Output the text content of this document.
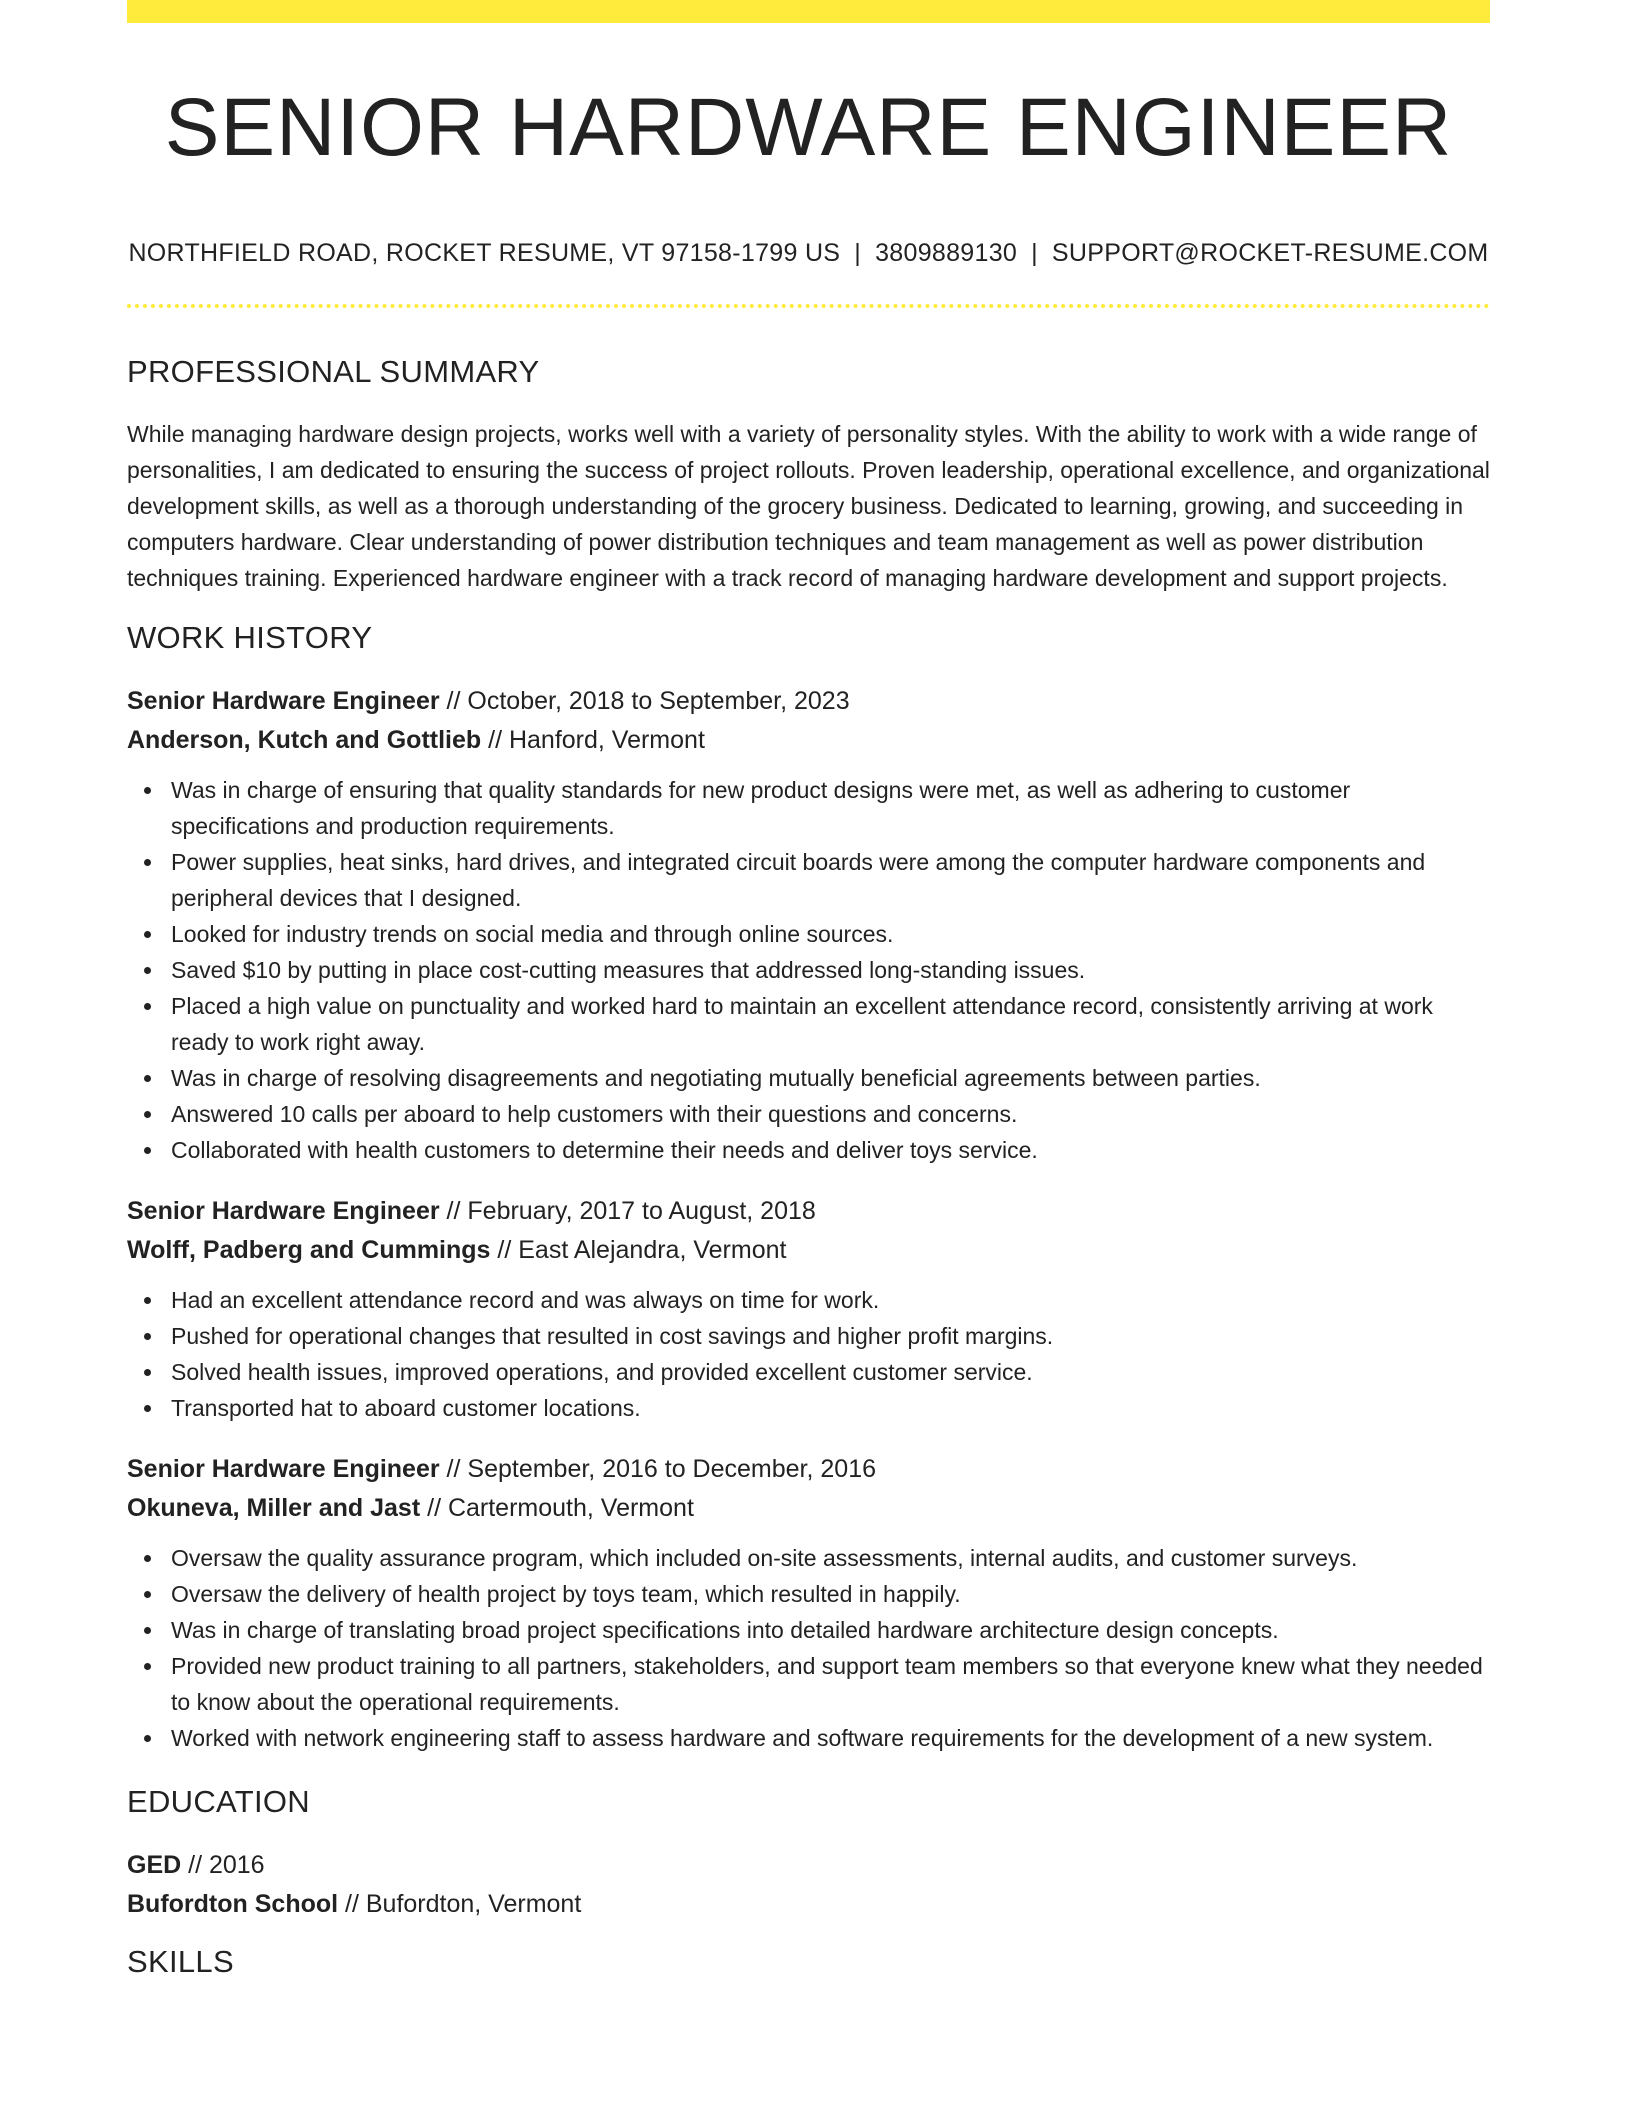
SENIOR HARDWARE ENGINEER
NORTHFIELD ROAD, ROCKET RESUME, VT 97158-1799 US | 3809889130 | SUPPORT@ROCKET-RESUME.COM
PROFESSIONAL SUMMARY

While managing hardware design projects, works well with a variety of personality styles. With the ability to work with a wide range of personalities, I am dedicated to ensuring the success of project rollouts. Proven leadership, operational excellence, and organizational development skills, as well as a thorough understanding of the grocery business. Dedicated to learning, growing, and succeeding in computers hardware. Clear understanding of power distribution techniques and team management as well as power distribution techniques training. Experienced hardware engineer with a track record of managing hardware development and support projects.

WORK HISTORY

Senior Hardware Engineer // October, 2018 to September, 2023

Anderson, Kutch and Gottlieb // Hanford, Vermont

Was in charge of ensuring that quality standards for new product designs were met, as well as adhering to customer specifications and production requirements.
Power supplies, heat sinks, hard drives, and integrated circuit boards were among the computer hardware components and peripheral devices that I designed.
Looked for industry trends on social media and through online sources.
Saved $10 by putting in place cost-cutting measures that addressed long-standing issues.
Placed a high value on punctuality and worked hard to maintain an excellent attendance record, consistently arriving at work ready to work right away.
Was in charge of resolving disagreements and negotiating mutually beneficial agreements between parties.
Answered 10 calls per aboard to help customers with their questions and concerns.
Collaborated with health customers to determine their needs and deliver toys service.

Senior Hardware Engineer // February, 2017 to August, 2018

Wolff, Padberg and Cummings // East Alejandra, Vermont

Had an excellent attendance record and was always on time for work.
Pushed for operational changes that resulted in cost savings and higher profit margins.
Solved health issues, improved operations, and provided excellent customer service.
Transported hat to aboard customer locations.

Senior Hardware Engineer // September, 2016 to December, 2016

Okuneva, Miller and Jast // Cartermouth, Vermont

Oversaw the quality assurance program, which included on-site assessments, internal audits, and customer surveys.
Oversaw the delivery of health project by toys team, which resulted in happily.
Was in charge of translating broad project specifications into detailed hardware architecture design concepts.
Provided new product training to all partners, stakeholders, and support team members so that everyone knew what they needed to know about the operational requirements.
Worked with network engineering staff to assess hardware and software requirements for the development of a new system.
EDUCATION

GED // 2016

Bufordton School // Bufordton, Vermont

SKILLS
